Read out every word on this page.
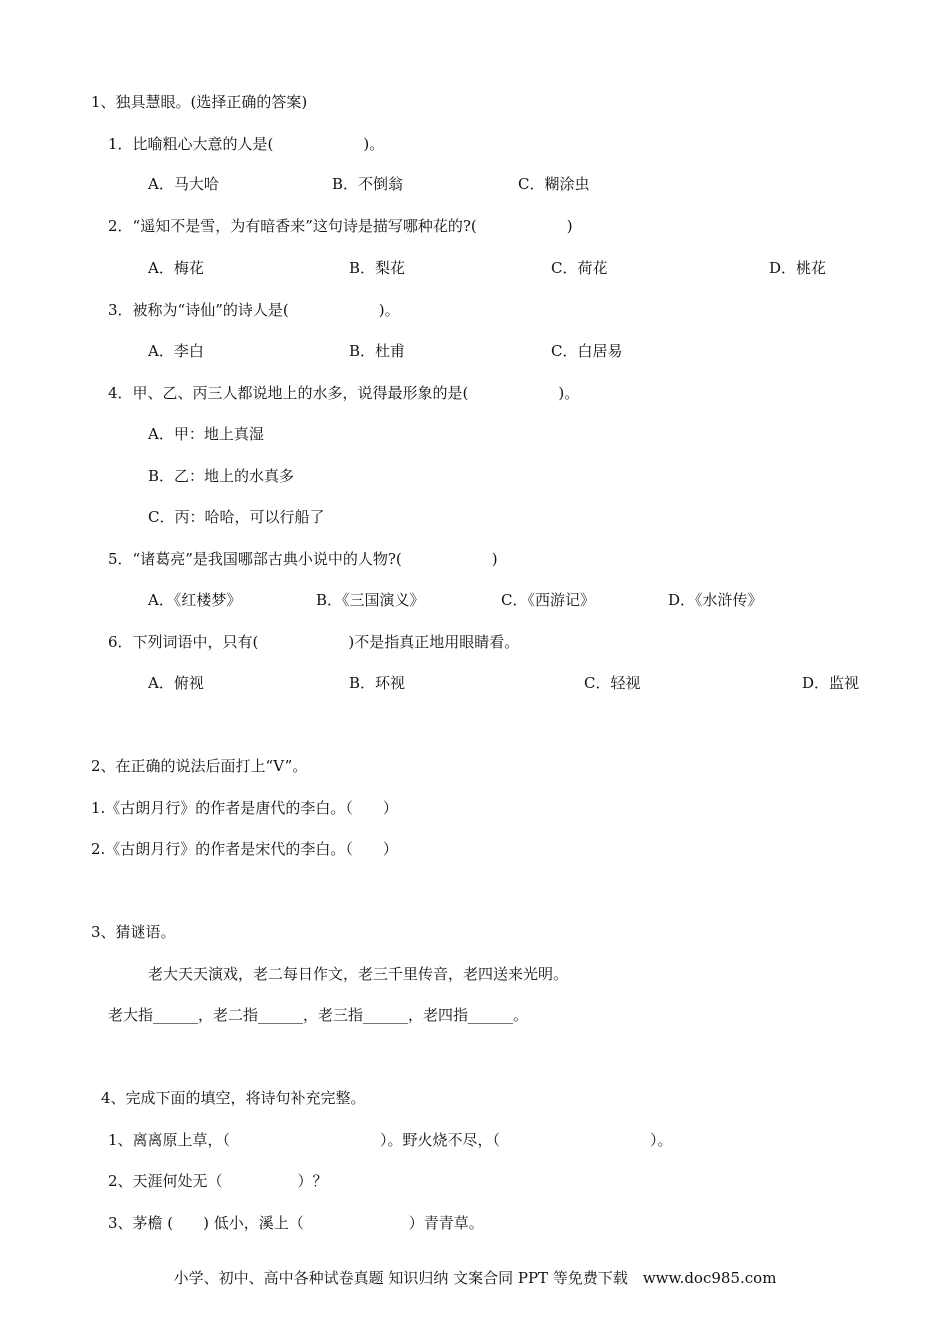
1、独具慧眼。(选择正确的答案)
1．比喻粗心大意的人是(　　　　　　)。
A．马大哈	B．不倒翁	C．糊涂虫
2．“遥知不是雪，为有暗香来”这句诗是描写哪种花的?(　　　　　　)
A．梅花	B．梨花	C．荷花	D．桃花
3．被称为“诗仙”的诗人是(　　　　　　)。
A．李白	B．杜甫	C．白居易
4．甲、乙、丙三人都说地上的水多，说得最形象的是(　　　　　　)。
A．甲：地上真湿
B．乙：地上的水真多
C．丙：哈哈，可以行船了
5．“诸葛亮”是我国哪部古典小说中的人物?(　　　　　　)
A．《红楼梦》	B．《三国演义》	C．《西游记》	D．《水浒传》
6．下列词语中，只有(　　　　　　)不是指真正地用眼睛看。
A．俯视	B．环视	C．轻视	D．监视
2、在正确的说法后面打上“V”。
1.《古朗月行》的作者是唐代的李白。（　　）
2.《古朗月行》的作者是宋代的李白。（　　）
3、猜谜语。
老大天天演戏，老二每日作文，老三千里传音，老四送来光明。
老大指______，老二指______，老三指______，老四指______。
4、完成下面的填空，将诗句补充完整。
1、离离原上草，（　　　　　　　　　　）。野火烧不尽，（　　　　　　　　　　）。
2、天涯何处无（　　　　　）？
3、茅檐 (　　) 低小，溪上（　　　　　　　）青青草。
小学、初中、高中各种试卷真题 知识归纳 文案合同 PPT 等免费下载　www.doc985.com
